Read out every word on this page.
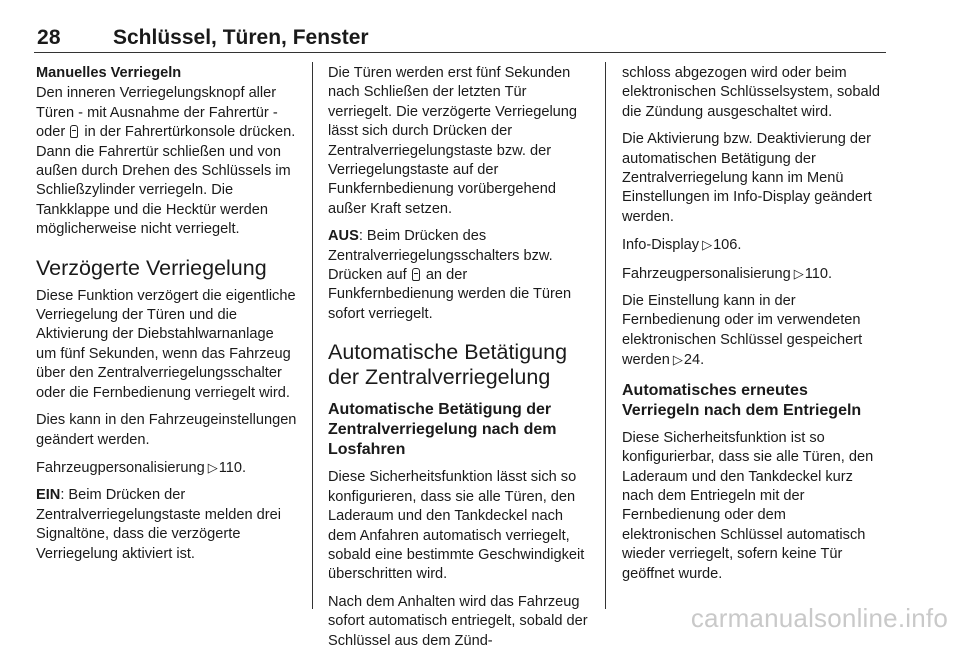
28 Schlüssel, Türen, Fenster
Manuelles Verriegeln

Den inneren Verriegelungsknopf aller Türen - mit Ausnahme der Fahrertür - oder in der Fahrertürkonsole drücken. Dann die Fahrertür schließen und von außen durch Drehen des Schlüssels im Schließzylinder verriegeln. Die Tankklappe und die Hecktür werden möglicherweise nicht verriegelt.

Verzögerte Verriegelung

Diese Funktion verzögert die eigentliche Verriegelung der Türen und die Aktivierung der Diebstahlwarnanlage um fünf Sekunden, wenn das Fahrzeug über den Zentralverriegelungsschalter oder die Fernbedienung verriegelt wird.

Dies kann in den Fahrzeugeinstellungen geändert werden.

Fahrzeugpersonalisierung ▷110.

EIN: Beim Drücken der Zentralverriegelungstaste melden drei Signaltöne, dass die verzögerte Verriegelung aktiviert ist.

Die Türen werden erst fünf Sekunden nach Schließen der letzten Tür verriegelt. Die verzögerte Verriegelung lässt sich durch Drücken der Zentralverriegelungstaste bzw. der Verriegelungstaste auf der Funkfernbedienung vorübergehend außer Kraft setzen.

AUS: Beim Drücken des Zentralverriegelungsschalters bzw. Drücken auf an der Funkfernbedienung werden die Türen sofort verriegelt.

Automatische Betätigung der Zentralverriegelung
Automatische Betätigung der Zentralverriegelung nach dem Losfahren

Diese Sicherheitsfunktion lässt sich so konfigurieren, dass sie alle Türen, den Laderaum und den Tankdeckel nach dem Anfahren automatisch verriegelt, sobald eine bestimmte Geschwindigkeit überschritten wird.

Nach dem Anhalten wird das Fahrzeug sofort automatisch entriegelt, sobald der Schlüssel aus dem Zünd-

schloss abgezogen wird oder beim elektronischen Schlüsselsystem, sobald die Zündung ausgeschaltet wird.

Die Aktivierung bzw. Deaktivierung der automatischen Betätigung der Zentralverriegelung kann im Menü Einstellungen im Info-Display geändert werden.

Info-Display ▷106.

Fahrzeugpersonalisierung ▷110.

Die Einstellung kann in der Fernbedienung oder im verwendeten elektronischen Schlüssel gespeichert werden ▷24.

Automatisches erneutes Verriegeln nach dem Entriegeln

Diese Sicherheitsfunktion ist so konfigurierbar, dass sie alle Türen, den Laderaum und den Tankdeckel kurz nach dem Entriegeln mit der Fernbedienung oder dem elektronischen Schlüssel automatisch wieder verriegelt, sofern keine Tür geöffnet wurde.

carmanualsonline.info
